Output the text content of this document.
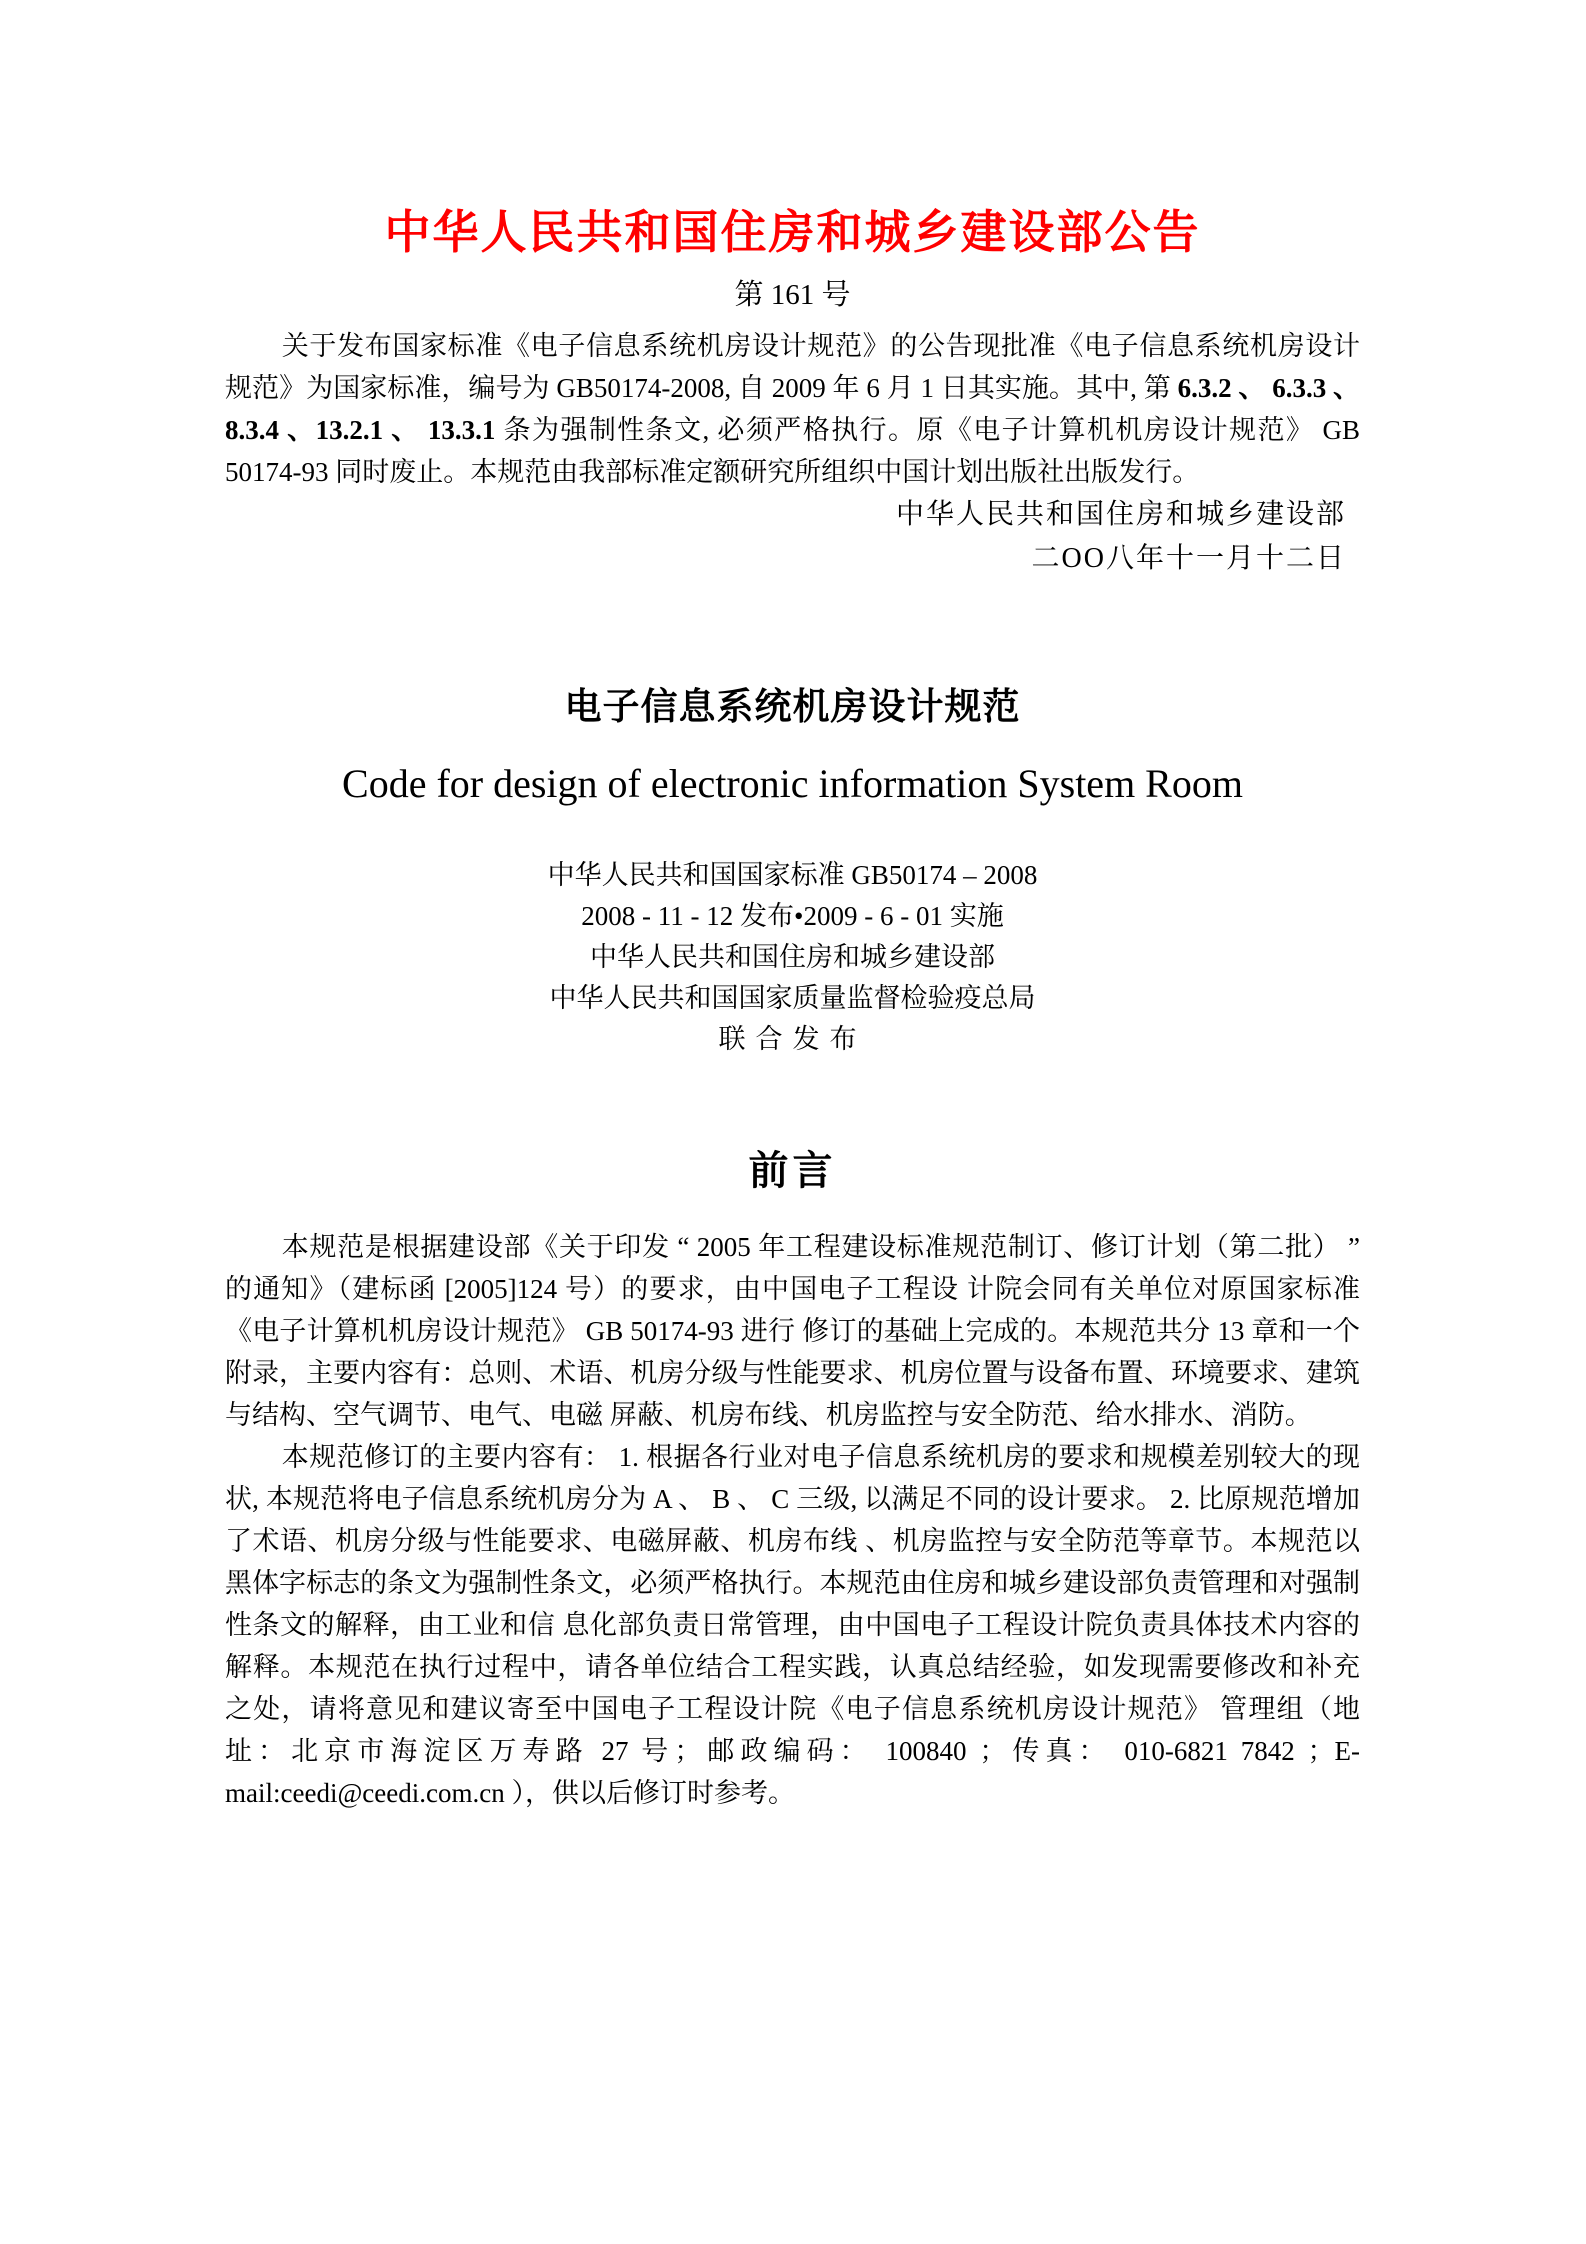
中华人民共和国住房和城乡建设部公告
第 161 号

关于发布国家标准《电子信息系统机房设计规范》的公告现批准《电子信息系统机房设计规范》为国家标准，编号为 GB50174-2008, 自 2009 年 6 月 1 日其实施。其中, 第 6.3.2 、 6.3.3 、 8.3.4 、13.2.1 、 13.3.1 条为强制性条文, 必须严格执行。原《电子计算机机房设计规范》 GB 50174-93 同时废止。本规范由我部标准定额研究所组织中国计划出版社出版发行。

中华人民共和国住房和城乡建设部
二OO八年十一月十二日
电子信息系统机房设计规范
Code for design of electronic information System Room
中华人民共和国国家标准 GB50174 – 2008
2008 - 11 - 12 发布•2009 - 6 - 01 实施
中华人民共和国住房和城乡建设部
中华人民共和国国家质量监督检验疫总局
联合发布
前言

本规范是根据建设部《关于印发 “ 2005 年工程建设标准规范制订、修订计划（第二批） ” 的通知》（建标函 [2005]124 号）的要求，由中国电子工程设 计院会同有关单位对原国家标准《电子计算机机房设计规范》 GB 50174-93 进行 修订的基础上完成的。本规范共分 13 章和一个附录，主要内容有：总则、术语、机房分级与性能要求、机房位置与设备布置、环境要求、建筑与结构、空气调节、电气、电磁 屏蔽、机房布线、机房监控与安全防范、给水排水、消防。

本规范修订的主要内容有： 1. 根据各行业对电子信息系统机房的要求和规模差别较大的现状, 本规范将电子信息系统机房分为 A 、 B 、 C 三级, 以满足不同的设计要求。 2. 比原规范增加了术语、机房分级与性能要求、电磁屏蔽、机房布线 、机房监控与安全防范等章节。本规范以黑体字标志的条文为强制性条文，必须严格执行。本规范由住房和城乡建设部负责管理和对强制性条文的解释，由工业和信 息化部负责日常管理，由中国电子工程设计院负责具体技术内容的解释。本规范在执行过程中，请各单位结合工程实践，认真总结经验，如发现需要修改和补充 之处，请将意见和建议寄至中国电子工程设计院《电子信息系统机房设计规范》 管理组（地址：北京市海淀区万寿路 27 号；邮政编码： 100840 ；传真： 010-6821 7842 ；E-mail:ceedi@ceedi.com.cn ），供以后修订时参考。
